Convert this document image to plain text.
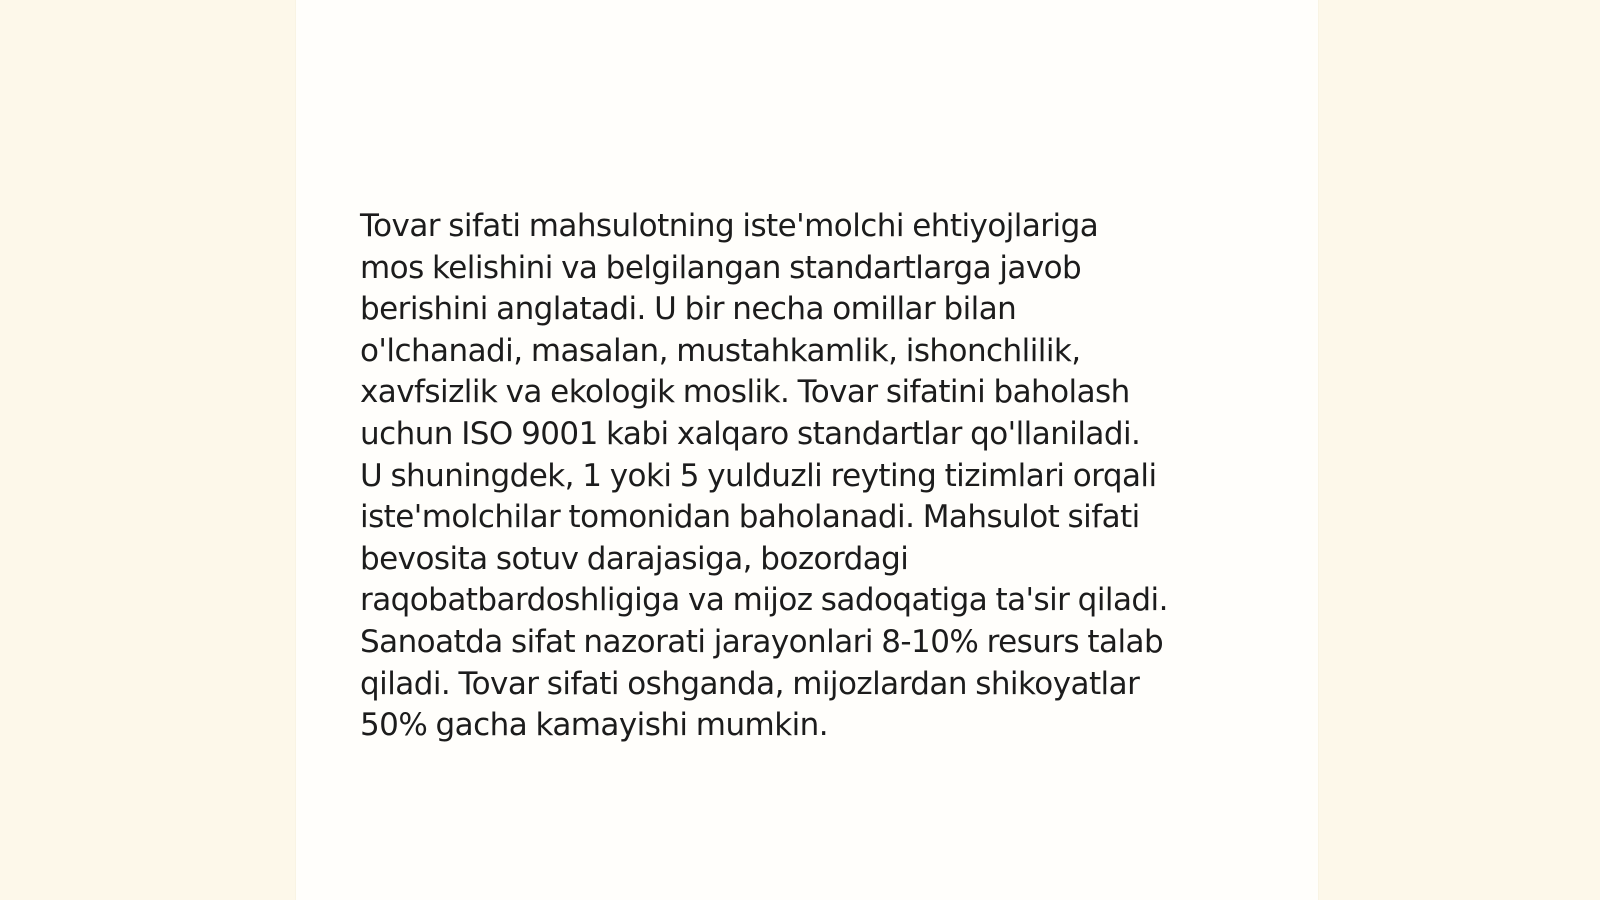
Tovar sifati mahsulotning iste'molchi ehtiyojlariga
mos kelishini va belgilangan standartlarga javob
berishini anglatadi. U bir necha omillar bilan
o'lchanadi, masalan, mustahkamlik, ishonchlilik,
xavfsizlik va ekologik moslik. Tovar sifatini baholash
uchun ISO 9001 kabi xalqaro standartlar qo'llaniladi.
U shuningdek, 1 yoki 5 yulduzli reyting tizimlari orqali
iste'molchilar tomonidan baholanadi. Mahsulot sifati
bevosita sotuv darajasiga, bozordagi
raqobatbardoshligiga va mijoz sadoqatiga ta'sir qiladi.
Sanoatda sifat nazorati jarayonlari 8-10% resurs talab
qiladi. Tovar sifati oshganda, mijozlardan shikoyatlar
50% gacha kamayishi mumkin.
